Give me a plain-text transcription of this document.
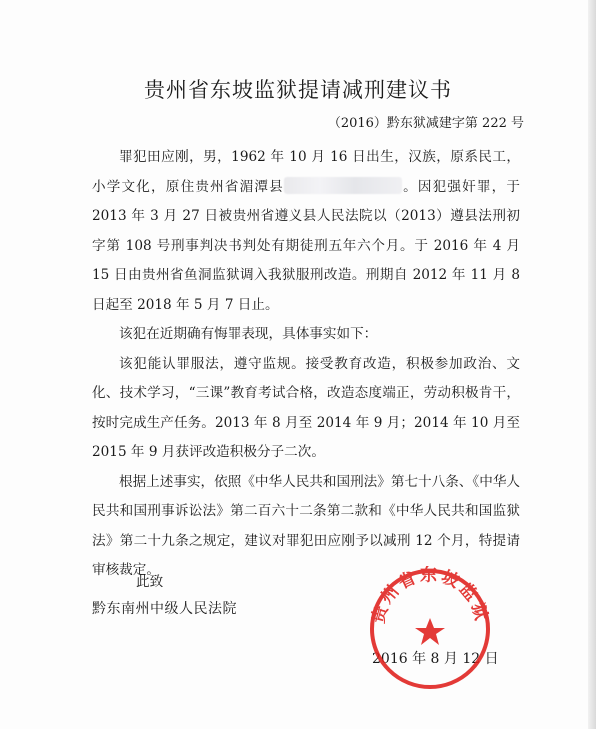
贵州省东坡监狱提请减刑建议书
（2016）黔东狱减建字第 222 号

罪犯田应刚，男，1962 年 10 月 16 日出生，汉族，原系民工，小学文化，原住贵州省湄潭县	。因犯强奸罪，于 2013 年 3 月 27 日被贵州省遵义县人民法院以（2013）遵县法刑初字第 108 号刑事判决书判处有期徒刑五年六个月。于 2016 年 4 月 15 日由贵州省鱼洞监狱调入我狱服刑改造。刑期自 2012 年 11 月 8 日起至 2018 年 5 月 7 日止。

该犯在近期确有悔罪表现，具体事实如下：

该犯能认罪服法，遵守监规。接受教育改造，积极参加政治、文化、技术学习，“三课”教育考试合格，改造态度端正，劳动积极肯干，按时完成生产任务。2013 年 8 月至 2014 年 9 月；2014 年 10 月至 2015 年 9 月获评改造积极分子二次。

根据上述事实，依照《中华人民共和国刑法》第七十八条、《中华人民共和国刑事诉讼法》第二百六十二条第二款和《中华人民共和国监狱法》第二十九条之规定，建议对罪犯田应刚予以减刑 12 个月，特提请审核裁定。

此致
黔东南州中级人民法院
2016 年 8 月 12 日
贵州省东坡监狱
